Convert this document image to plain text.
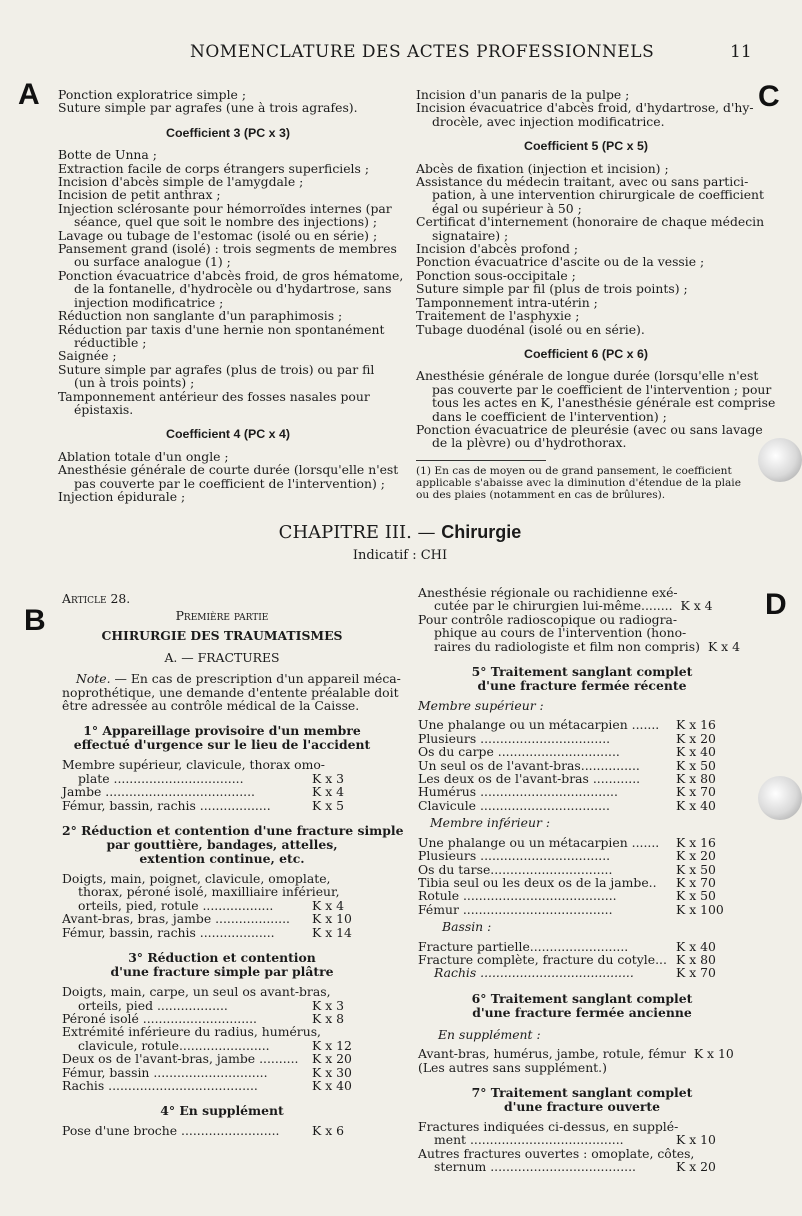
NOMENCLATURE DES ACTES PROFESSIONNELS	11
A	C
B	D
Ponction exploratrice simple ;
Suture simple par agrafes (une à trois agrafes).
Coefficient 3 (PC x 3)
Botte de Unna ;
Extraction facile de corps étrangers superficiels ;
Incision d'abcès simple de l'amygdale ;
Incision de petit anthrax ;
Injection sclérosante pour hémorroïdes internes (par
séance, quel que soit le nombre des injections) ;
Lavage ou tubage de l'estomac (isolé ou en série) ;
Pansement grand (isolé) : trois segments de membres
ou surface analogue (1) ;
Ponction évacuatrice d'abcès froid, de gros hématome,
de la fontanelle, d'hydrocèle ou d'hydartrose, sans
injection modificatrice ;
Réduction non sanglante d'un paraphimosis ;
Réduction par taxis d'une hernie non spontanément
réductible ;
Saignée ;
Suture simple par agrafes (plus de trois) ou par fil
(un à trois points) ;
Tamponnement antérieur des fosses nasales pour
épistaxis.
Coefficient 4 (PC x 4)
Ablation totale d'un ongle ;
Anesthésie générale de courte durée (lorsqu'elle n'est
pas couverte par le coefficient de l'intervention) ;
Injection épidurale ;
Incision d'un panaris de la pulpe ;
Incision évacuatrice d'abcès froid, d'hydartrose, d'hy-
drocèle, avec injection modificatrice.
Coefficient 5 (PC x 5)
Abcès de fixation (injection et incision) ;
Assistance du médecin traitant, avec ou sans partici-
pation, à une intervention chirurgicale de coefficient
égal ou supérieur à 50 ;
Certificat d'internement (honoraire de chaque médecin
signataire) ;
Incision d'abcès profond ;
Ponction évacuatrice d'ascite ou de la vessie ;
Ponction sous-occipitale ;
Suture simple par fil (plus de trois points) ;
Tamponnement intra-utérin ;
Traitement de l'asphyxie ;
Tubage duodénal (isolé ou en série).
Coefficient 6 (PC x 6)
Anesthésie générale de longue durée (lorsqu'elle n'est
pas couverte par le coefficient de l'intervention ; pour
tous les actes en K, l'anesthésie générale est comprise
dans le coefficient de l'intervention) ;
Ponction évacuatrice de pleurésie (avec ou sans lavage
de la plèvre) ou d'hydrothorax.
(1) En cas de moyen ou de grand pansement, le coefficient
applicable s'abaisse avec la diminution d'étendue de la plaie
ou des plaies (notamment en cas de brûlures).
CHAPITRE III. — Chirurgie
Indicatif : CHI
Article 28.
Première partie
CHIRURGIE DES TRAUMATISMES
A. — FRACTURES
Note. — En cas de prescription d'un appareil méca-
noprothétique, une demande d'entente préalable doit
être adressée au contrôle médical de la Caisse.
1° Appareillage provisoire d'un membre
effectué d'urgence sur le lieu de l'accident
Membre supérieur, clavicule, thorax omo-
plate .................................	K x 3
Jambe ......................................	K x 4
Fémur, bassin, rachis ..................	K x 5
2° Réduction et contention d'une fracture simple
par gouttière, bandages, attelles,
extention continue, etc.
Doigts, main, poignet, clavicule, omoplate,
thorax, péroné isolé, maxilliaire inférieur,
orteils, pied, rotule ..................	K x 4
Avant-bras, bras, jambe ...................	K x 10
Fémur, bassin, rachis ...................	K x 14
3° Réduction et contention
d'une fracture simple par plâtre
Doigts, main, carpe, un seul os avant-bras,
orteils, pied ..................	K x 3
Péroné isolé .............................	K x 8
Extrémité inférieure du radius, humérus,
clavicule, rotule.......................	K x 12
Deux os de l'avant-bras, jambe ..........	K x 20
Fémur, bassin .............................	K x 30
Rachis ......................................	K x 40
4° En supplément
Pose d'une broche .........................	K x 6
Anesthésie régionale ou rachidienne exé-
cutée par le chirurgien lui-même........ K x 4
Pour contrôle radioscopique ou radiogra-
phique au cours de l'intervention (hono-
raires du radiologiste et film non compris) K x 4
5° Traitement sanglant complet
d'une fracture fermée récente
Membre supérieur :
Une phalange ou un métacarpien .......	K x 16
Plusieurs .................................	K x 20
Os du carpe ...............................	K x 40
Un seul os de l'avant-bras...............	K x 50
Les deux os de l'avant-bras ............	K x 80
Humérus ...................................	K x 70
Clavicule .................................	K x 40
Membre inférieur :
Une phalange ou un métacarpien .......	K x 16
Plusieurs .................................	K x 20
Os du tarse...............................	K x 50
Tibia seul ou les deux os de la jambe..	K x 70
Rotule .......................................	K x 50
Fémur ......................................	K x 100
Bassin :
Fracture partielle.........................	K x 40
Fracture complète, fracture du cotyle... K x 80
Rachis .......................................	K x 70
6° Traitement sanglant complet
d'une fracture fermée ancienne
En supplément :
Avant-bras, humérus, jambe, rotule, fémur K x 10
(Les autres sans supplément.)
7° Traitement sanglant complet
d'une fracture ouverte
Fractures indiquées ci-dessus, en supplé-
ment .......................................	K x 10
Autres fractures ouvertes : omoplate, côtes,
sternum .....................................	K x 20
